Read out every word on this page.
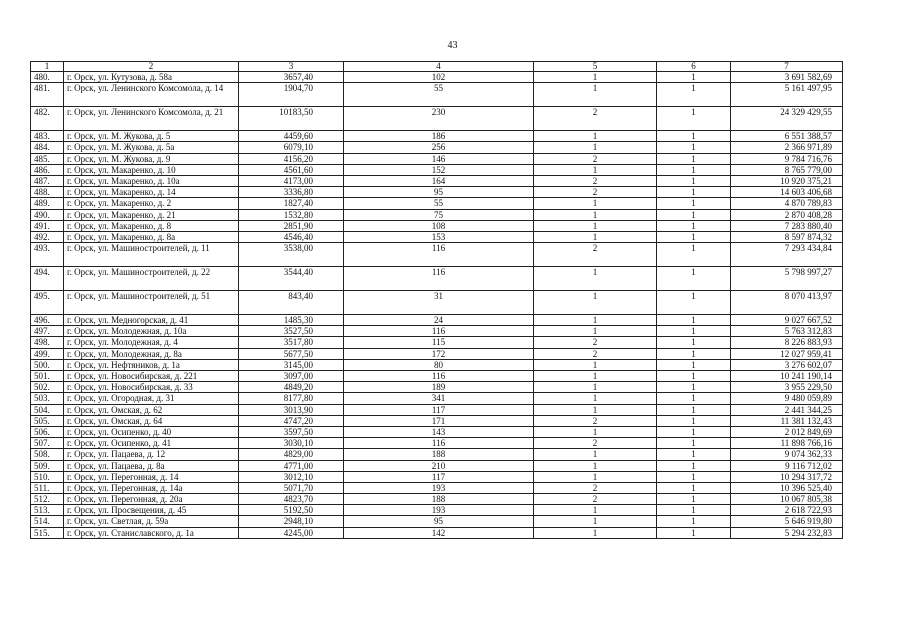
43
1	2	3	4	5	6	7
480.	г. Орск, ул. Кутузова, д. 58а	3657,40	102	1	1	3 691 582,69
481.	г. Орск, ул. Ленинского Комсомола, д. 14	1904,70	55	1	1	5 161 497,95
482.	г. Орск, ул. Ленинского Комсомола, д. 21	10183,50	230	2	1	24 329 429,55
483.	г. Орск, ул. М. Жукова, д. 5	4459,60	186	1	1	6 551 388,57
484.	г. Орск, ул. М. Жукова, д. 5а	6079,10	256	1	1	2 366 971,89
485.	г. Орск, ул. М. Жукова, д. 9	4156,20	146	2	1	9 784 716,76
486.	г. Орск, ул. Макаренко, д. 10	4561,60	152	1	1	8 765 779,00
487.	г. Орск, ул. Макаренко, д. 10а	4173,00	164	2	1	10 920 375,21
488.	г. Орск, ул. Макаренко, д. 14	3336,80	95	2	1	14 603 406,68
489.	г. Орск, ул. Макаренко, д. 2	1827,40	55	1	1	4 870 789,83
490.	г. Орск, ул. Макаренко, д. 21	1532,80	75	1	1	2 870 408,28
491.	г. Орск, ул. Макаренко, д. 8	2851,90	108	1	1	7 283 880,40
492.	г. Орск, ул. Макаренко, д. 8а	4546,40	153	1	1	8 597 874,32
493.	г. Орск, ул. Машиностроителей, д. 11	3538,00	116	2	1	7 293 434,84
494.	г. Орск, ул. Машиностроителей, д. 22	3544,40	116	1	1	5 798 997,27
495.	г. Орск, ул. Машиностроителей, д. 51	843,40	31	1	1	8 070 413,97
496.	г. Орск, ул. Медногорская, д. 41	1485,30	24	1	1	9 027 667,52
497.	г. Орск, ул. Молодежная, д. 10а	3527,50	116	1	1	5 763 312,83
498.	г. Орск, ул. Молодежная, д. 4	3517,80	115	2	1	8 226 883,93
499.	г. Орск, ул. Молодежная, д. 8а	5677,50	172	2	1	12 027 959,41
500.	г. Орск, ул. Нефтяников, д. 1а	3145,00	80	1	1	3 276 602,07
501.	г. Орск, ул. Новосибирская, д. 221	3097,00	116	1	1	10 241 190,14
502.	г. Орск, ул. Новосибирская, д. 33	4849,20	189	1	1	3 955 229,50
503.	г. Орск, ул. Огородная, д. 31	8177,80	341	1	1	9 480 059,89
504.	г. Орск, ул. Омская, д. 62	3013,90	117	1	1	2 441 344,25
505.	г. Орск, ул. Омская, д. 64	4747,20	171	2	1	11 381 132,43
506.	г. Орск, ул. Осипенко, д. 40	3597,50	143	1	1	2 012 849,69
507.	г. Орск, ул. Осипенко, д. 41	3030,10	116	2	1	11 898 766,16
508.	г. Орск, ул. Пацаева, д. 12	4829,00	188	1	1	9 074 362,33
509.	г. Орск, ул. Пацаева, д. 8а	4771,00	210	1	1	9 116 712,02
510.	г. Орск, ул. Перегонная, д. 14	3012,10	117	1	1	10 294 317,72
511.	г. Орск, ул. Перегонная, д. 14а	5071,70	193	2	1	10 396 525,40
512.	г. Орск, ул. Перегонная, д. 20а	4823,70	188	2	1	10 067 805,38
513.	г. Орск, ул. Просвещения, д. 45	5192,50	193	1	1	2 618 722,93
514.	г. Орск, ул. Светлая, д. 59а	2948,10	95	1	1	5 646 919,80
515.	г. Орск, ул. Станиславского, д. 1а	4245,00	142	1	1	5 294 232,83
